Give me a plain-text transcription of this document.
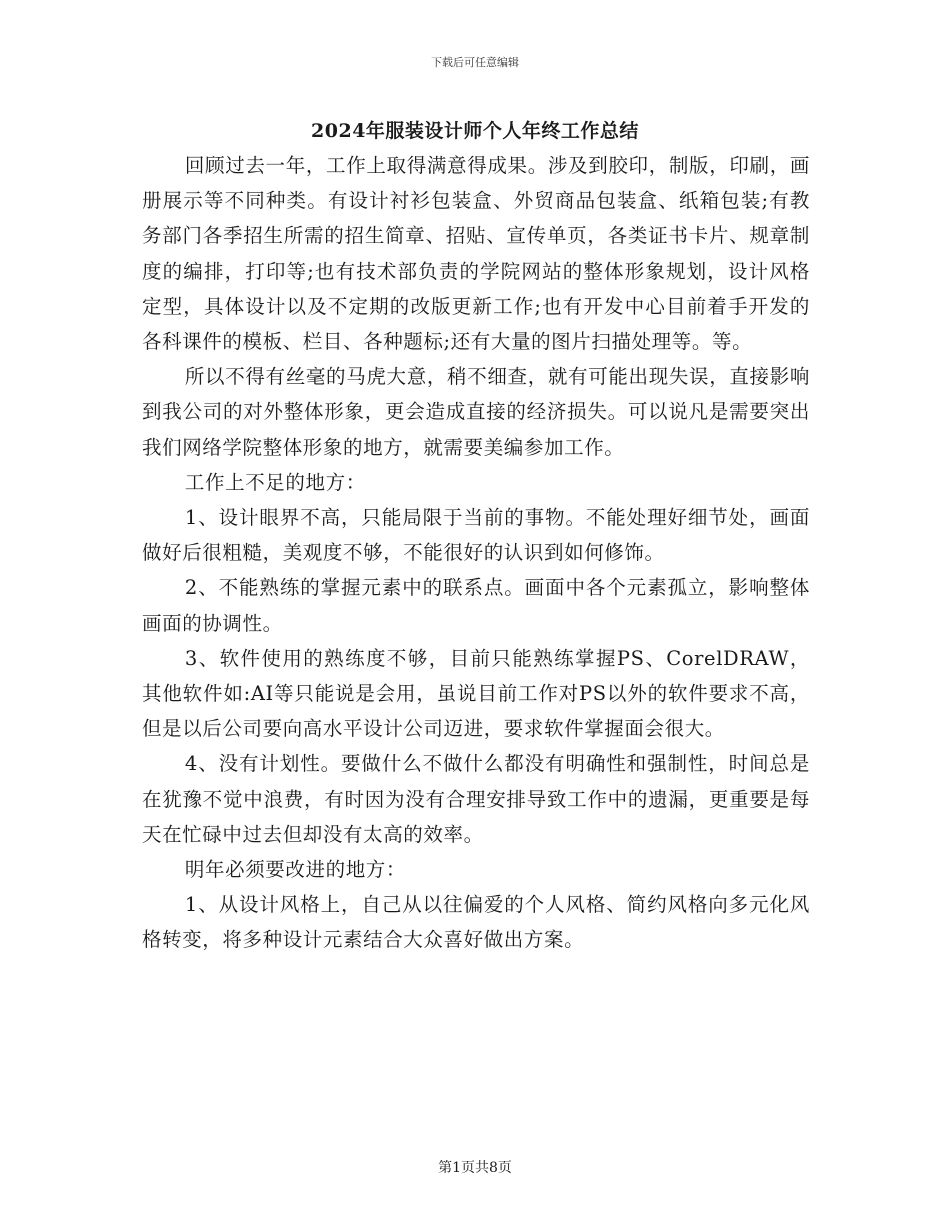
下载后可任意编辑
2024年服装设计师个人年终工作总结

回顾过去一年，工作上取得满意得成果。涉及到胶印，制版，印刷，画册展示等不同种类。有设计衬衫包装盒、外贸商品包装盒、纸箱包装;有教务部门各季招生所需的招生简章、招贴、宣传单页，各类证书卡片、规章制度的编排，打印等;也有技术部负责的学院网站的整体形象规划，设计风格定型，具体设计以及不定期的改版更新工作;也有开发中心目前着手开发的各科课件的模板、栏目、各种题标;还有大量的图片扫描处理等。等。

所以不得有丝毫的马虎大意，稍不细查，就有可能出现失误，直接影响到我公司的对外整体形象，更会造成直接的经济损失。可以说凡是需要突出我们网络学院整体形象的地方，就需要美编参加工作。

工作上不足的地方：

1、设计眼界不高，只能局限于当前的事物。不能处理好细节处，画面做好后很粗糙，美观度不够，不能很好的认识到如何修饰。

2、不能熟练的掌握元素中的联系点。画面中各个元素孤立，影响整体画面的协调性。

3、软件使用的熟练度不够，目前只能熟练掌握PS、CorelDRAW，其他软件如:AI等只能说是会用，虽说目前工作对PS以外的软件要求不高，但是以后公司要向高水平设计公司迈进，要求软件掌握面会很大。

4、没有计划性。要做什么不做什么都没有明确性和强制性，时间总是在犹豫不觉中浪费，有时因为没有合理安排导致工作中的遗漏，更重要是每天在忙碌中过去但却没有太高的效率。

明年必须要改进的地方：

1、从设计风格上，自己从以往偏爱的个人风格、简约风格向多元化风格转变，将多种设计元素结合大众喜好做出方案。

第1页共8页
